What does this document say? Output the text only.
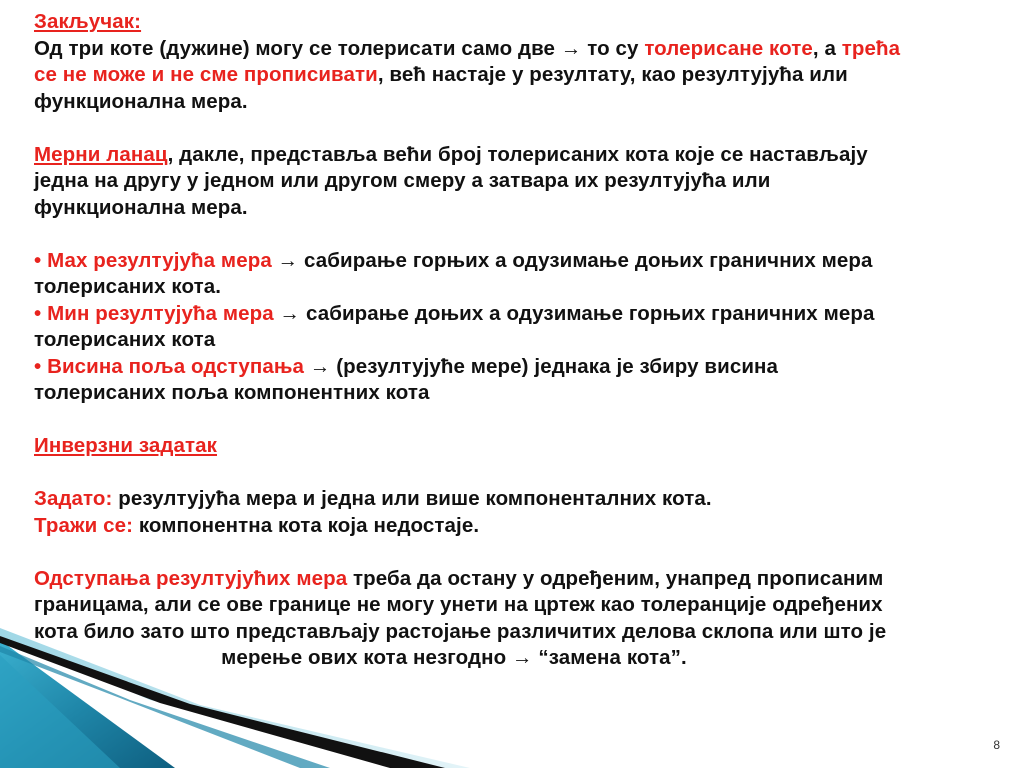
Закључак:

Од три коте (дужине) могу се толерисати само две → то су толерисане коте, а трећа

се не може и не сме прописивати, већ настаје у резултату, као резултујућа или

функционална мера.

Мерни ланац, дакле, представља већи број толерисаних кота које се настављају

једна на другу у једном или другом смеру а затвара их резултујућа или

функционална мера.

• Мах резултујућа мера → сабирање горњих а одузимање доњих граничних мера

толерисаних кота.

• Мин резултујућа мера → сабирање доњих а одузимање горњих граничних мера

толерисаних кота

• Висина поља одступања → (резултујуће мере) једнака је збиру висина

толерисаних поља компонентних кота

Инверзни задатак

Задато: резултујућа мера и једна или више компоненталних кота.

Тражи се: компонентна кота која недостаје.

Одступања резултујућих мера треба да остану у одређеним, унапред прописаним

границама, али се ове границе не могу унети на цртеж као толеранције одређених

кота било зато што представљају растојање различитих делова склопа или што је

мерење ових кота незгодно → “замена кота”.

8
